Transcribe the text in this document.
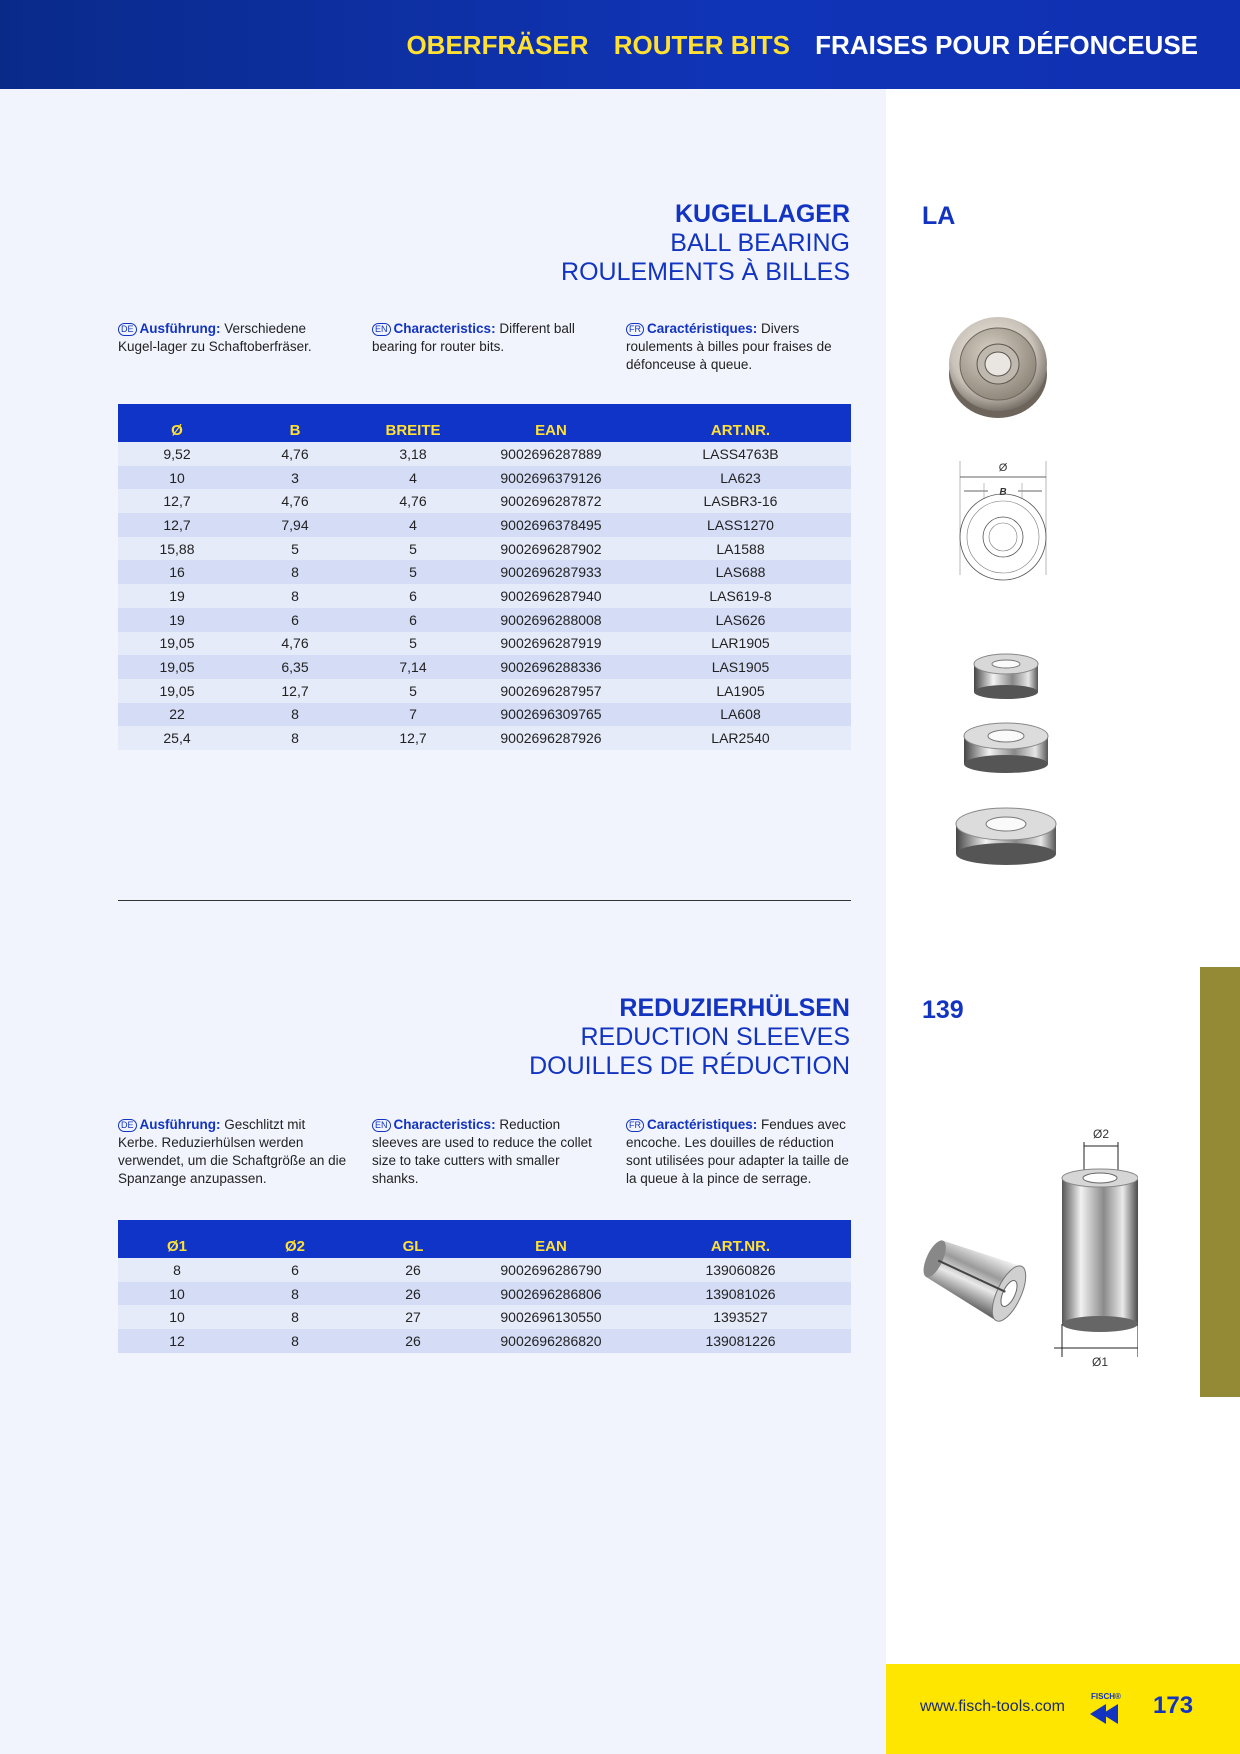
OBERFRÄSER ROUTER BITS FRAISES POUR DÉFONCEUSE
KUGELLAGER
BALL BEARING
ROULEMENTS À BILLES
LA
DE Ausführung: Verschiedene Kugel-lager zu Schaftoberfräser.
EN Characteristics: Different ball bearing for router bits.
FR Caractéristiques: Divers roulements à billes pour fraises de défonceuse à queue.
Ø	B	BREITE	EAN	ART.NR.
9,52	4,76	3,18	9002696287889	LASS4763B
10	3	4	9002696379126	LA623
12,7	4,76	4,76	9002696287872	LASBR3-16
12,7	7,94	4	9002696378495	LASS1270
15,88	5	5	9002696287902	LA1588
16	8	5	9002696287933	LAS688
19	8	6	9002696287940	LAS619-8
19	6	6	9002696288008	LAS626
19,05	4,76	5	9002696287919	LAR1905
19,05	6,35	7,14	9002696288336	LAS1905
19,05	12,7	5	9002696287957	LA1905
22	8	7	9002696309765	LA608
25,4	8	12,7	9002696287926	LAR2540
Ø
B
REDUZIERHÜLSEN
REDUCTION SLEEVES
DOUILLES DE RÉDUCTION
139
DE Ausführung: Geschlitzt mit Kerbe. Reduzierhülsen werden verwendet, um die Schaftgröße an die Spanzange anzupassen.
EN Characteristics: Reduction sleeves are used to reduce the collet size to take cutters with smaller shanks.
FR Caractéristiques: Fendues avec encoche. Les douilles de réduction sont utilisées pour adapter la taille de la queue à la pince de serrage.
Ø1	Ø2	GL	EAN	ART.NR.
8	6	26	9002696286790	139060826
10	8	26	9002696286806	139081026
10	8	27	9002696130550	1393527
12	8	26	9002696286820	139081226
Ø2
Ø1
www.fisch-tools.com
FISCH® 173
